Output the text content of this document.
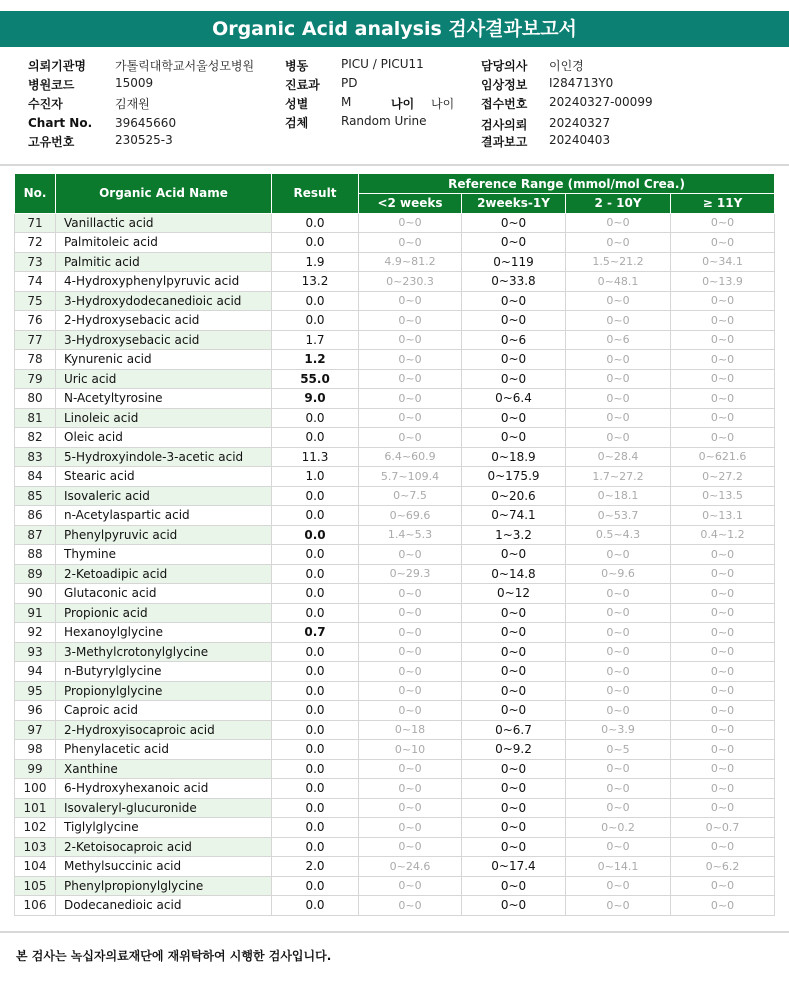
Organic Acid analysis 검사결과보고서
의뢰기관명 가톨릭대학교서울성모병원
병원코드	15009
수진자	김재원
Chart No. 39645660
고유번호	230525-3
병동	PICU / PICU11
진료과 PD
성별	M	나이 나이
검체	Random Urine
담당의사 이인경
임상정보 I284713Y0
접수번호 20240327-00099
검사의뢰 20240327
결과보고 20240403
No.	Organic Acid Name	Result	Reference Range (mmol/mol Crea.)			
			<2 weeks	2weeks-1Y	2 - 10Y	≥ 11Y
71	Vanillactic acid	0.0	0~0	0~0	0~0	0~0
72	Palmitoleic acid	0.0	0~0	0~0	0~0	0~0
73	Palmitic acid	1.9	4.9~81.2	0~119	1.5~21.2	0~34.1
74	4-Hydroxyphenylpyruvic acid	13.2	0~230.3	0~33.8	0~48.1	0~13.9
75	3-Hydroxydodecanedioic acid	0.0	0~0	0~0	0~0	0~0
76	2-Hydroxysebacic acid	0.0	0~0	0~0	0~0	0~0
77	3-Hydroxysebacic acid	1.7	0~0	0~6	0~6	0~0
78	Kynurenic acid	1.2	0~0	0~0	0~0	0~0
79	Uric acid	55.0	0~0	0~0	0~0	0~0
80	N-Acetyltyrosine	9.0	0~0	0~6.4	0~0	0~0
81	Linoleic acid	0.0	0~0	0~0	0~0	0~0
82	Oleic acid	0.0	0~0	0~0	0~0	0~0
83	5-Hydroxyindole-3-acetic acid	11.3	6.4~60.9	0~18.9	0~28.4	0~621.6
84	Stearic acid	1.0	5.7~109.4	0~175.9	1.7~27.2	0~27.2
85	Isovaleric acid	0.0	0~7.5	0~20.6	0~18.1	0~13.5
86	n-Acetylaspartic acid	0.0	0~69.6	0~74.1	0~53.7	0~13.1
87	Phenylpyruvic acid	0.0	1.4~5.3	1~3.2	0.5~4.3	0.4~1.2
88	Thymine	0.0	0~0	0~0	0~0	0~0
89	2-Ketoadipic acid	0.0	0~29.3	0~14.8	0~9.6	0~0
90	Glutaconic acid	0.0	0~0	0~12	0~0	0~0
91	Propionic acid	0.0	0~0	0~0	0~0	0~0
92	Hexanoylglycine	0.7	0~0	0~0	0~0	0~0
93	3-Methylcrotonylglycine	0.0	0~0	0~0	0~0	0~0
94	n-Butyrylglycine	0.0	0~0	0~0	0~0	0~0
95	Propionylglycine	0.0	0~0	0~0	0~0	0~0
96	Caproic acid	0.0	0~0	0~0	0~0	0~0
97	2-Hydroxyisocaproic acid	0.0	0~18	0~6.7	0~3.9	0~0
98	Phenylacetic acid	0.0	0~10	0~9.2	0~5	0~0
99	Xanthine	0.0	0~0	0~0	0~0	0~0
100	6-Hydroxyhexanoic acid	0.0	0~0	0~0	0~0	0~0
101	Isovaleryl-glucuronide	0.0	0~0	0~0	0~0	0~0
102	Tiglylglycine	0.0	0~0	0~0	0~0.2	0~0.7
103	2-Ketoisocaproic acid	0.0	0~0	0~0	0~0	0~0
104	Methylsuccinic acid	2.0	0~24.6	0~17.4	0~14.1	0~6.2
105	Phenylpropionylglycine	0.0	0~0	0~0	0~0	0~0
106	Dodecanedioic acid	0.0	0~0	0~0	0~0	0~0
본 검사는 녹십자의료재단에 재위탁하여 시행한 검사입니다.
